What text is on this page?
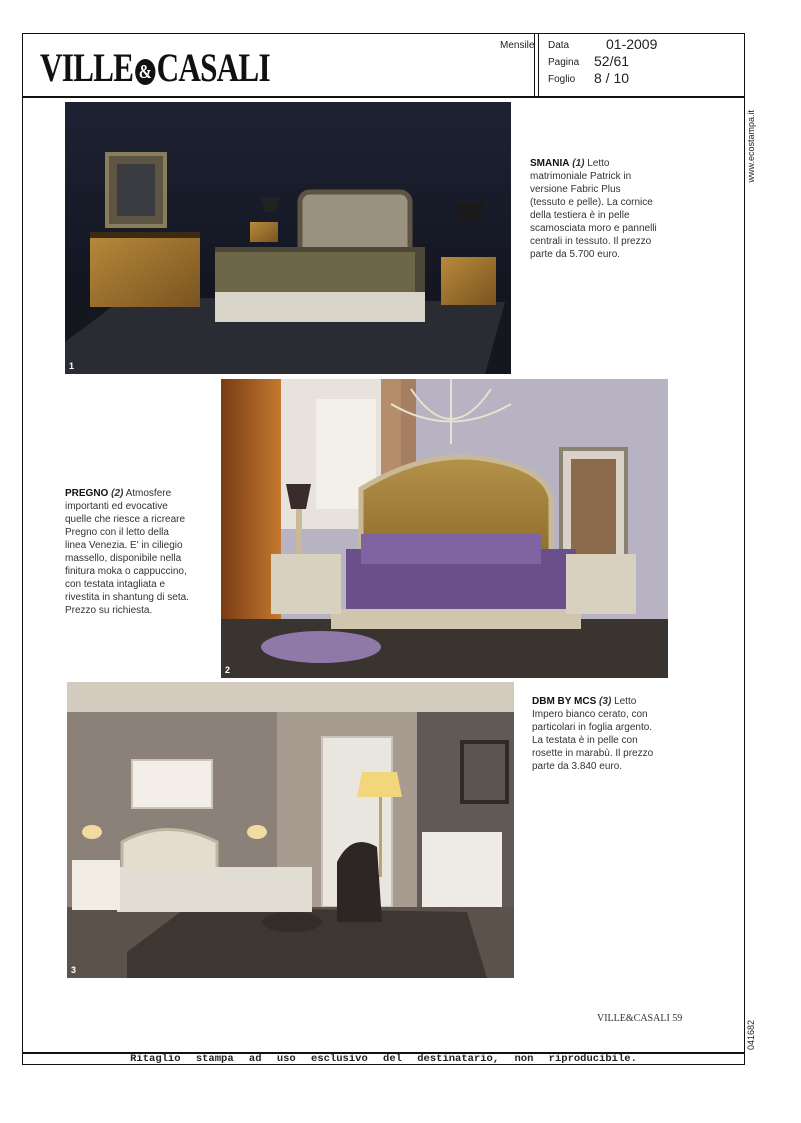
VILLE & CASALI	Mensile Data	01-2009
Pagina 52/61
Foglio 8 / 10
www.ecostampa.it
041682
1
SMANIA (1) Letto
matrimoniale Patrick in
versione Fabric Plus
(tessuto e pelle). La cornice
della testiera è in pelle
scamosciata moro e pannelli
centrali in tessuto. Il prezzo
parte da 5.700 euro.
2
PREGNO (2) Atmosfere
importanti ed evocative
quelle che riesce a ricreare
Pregno con il letto della
linea Venezia. E' in ciliegio
massello, disponibile nella
finitura moka o cappuccino,
con testata intagliata e
rivestita in shantung di seta.
Prezzo su richiesta.
3
DBM BY MCS (3) Letto
Impero bianco cerato, con
particolari in foglia argento.
La testata è in pelle con
rosette in marabù. Il prezzo
parte da 3.840 euro.
VILLE&CASALI 59
Ritaglio stampa ad uso esclusivo del destinatario, non riproducibile.
